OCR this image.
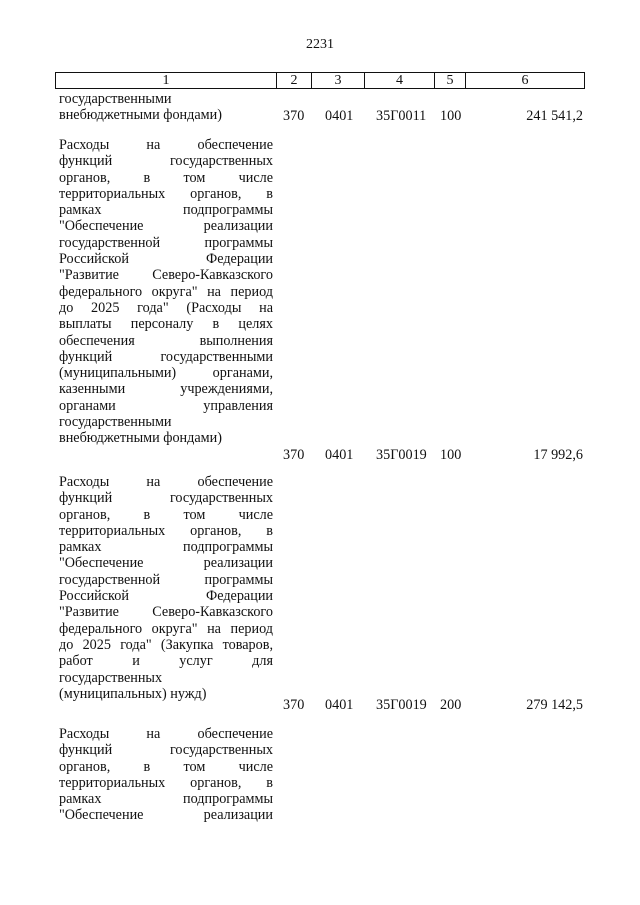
2231
1	2	3	4	5	6
государственными
внебюджетными фондами)	370 0401 35Г0011 100	241 541,2
Расходы на обеспечение
функций государственных
органов, в том числе
территориальных органов, в
рамках подпрограммы
"Обеспечение реализации
государственной программы
Российской Федерации
"Развитие Северо-Кавказского
федерального округа" на период
до 2025 года" (Расходы на
выплаты персоналу в целях
обеспечения выполнения
функций государственными
(муниципальными) органами,
казенными учреждениями,
органами управления
государственными
внебюджетными фондами)
370 0401 35Г0019 100	17 992,6
Расходы на обеспечение
функций государственных
органов, в том числе
территориальных органов, в
рамках подпрограммы
"Обеспечение реализации
государственной программы
Российской Федерации
"Развитие Северо-Кавказского
федерального округа" на период
до 2025 года" (Закупка товаров,
работ и услуг для
государственных
(муниципальных) нужд)
370 0401 35Г0019 200	279 142,5
Расходы на обеспечение
функций государственных
органов, в том числе
территориальных органов, в
рамках подпрограммы
"Обеспечение реализации
